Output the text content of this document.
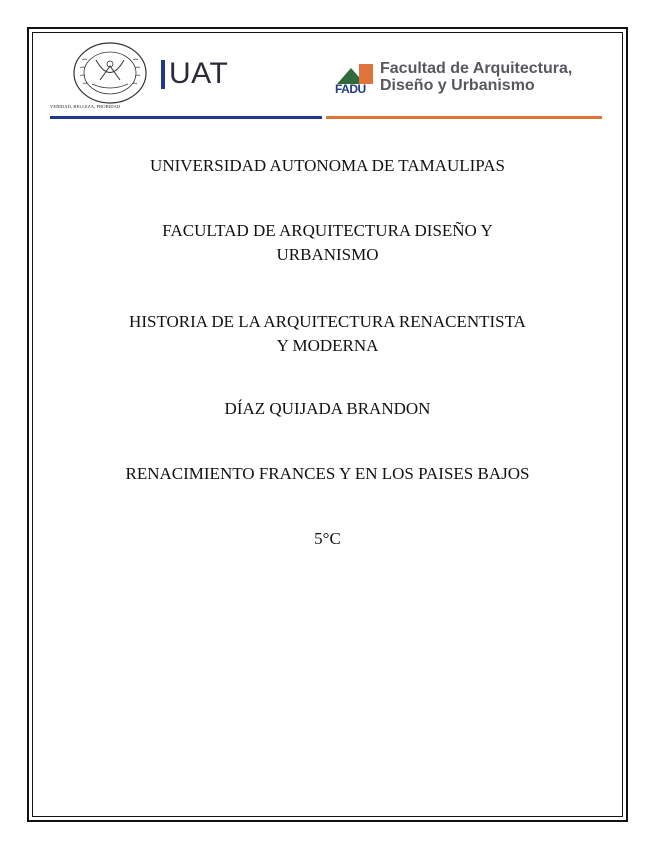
VERIDAD, BELLEZA, PROBIDAD
UAT	FADU
Facultad de Arquitectura,
Diseño y Urbanismo
UNIVERSIDAD AUTONOMA DE TAMAULIPAS
FACULTAD DE ARQUITECTURA DISEÑO Y
URBANISMO
HISTORIA DE LA ARQUITECTURA RENACENTISTA
Y MODERNA
DÍAZ QUIJADA BRANDON
RENACIMIENTO FRANCES Y EN LOS PAISES BAJOS
5°C
